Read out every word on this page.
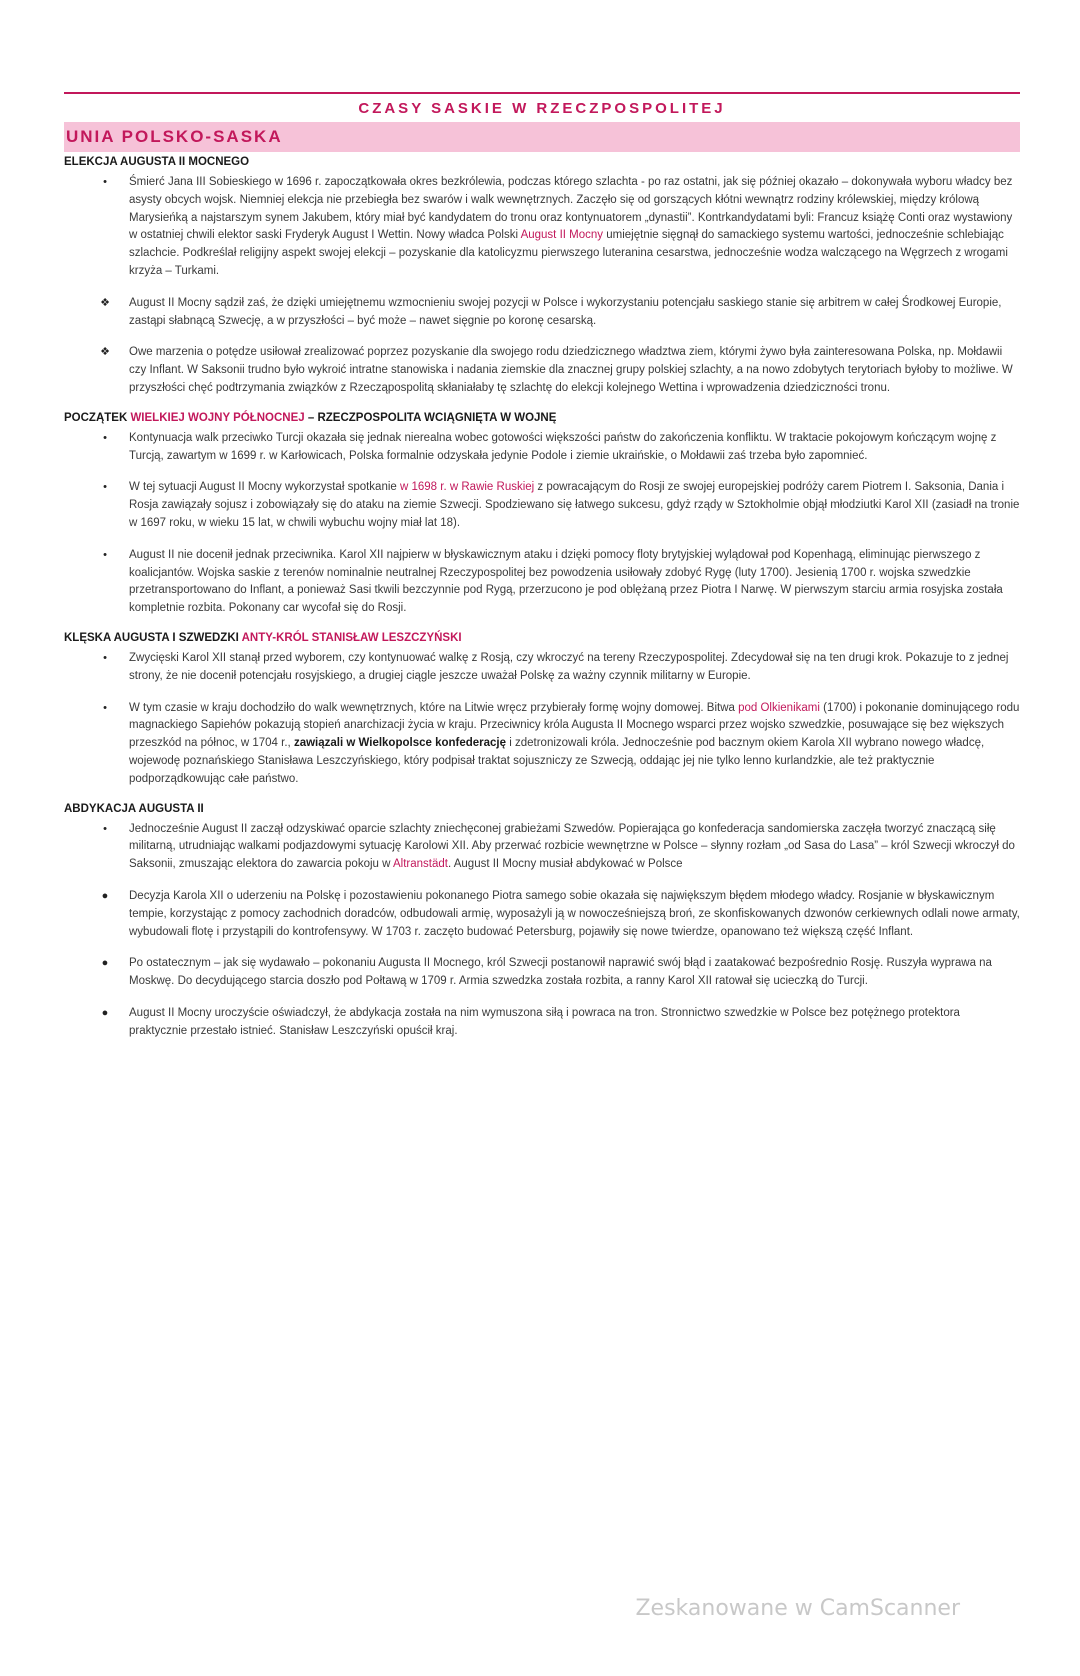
CZASY SASKIE W RZECZPOSPOLITEJ
UNIA POLSKO-SASKA
ELEKCJA AUGUSTA II MOCNEGO
•	Śmierć Jana III Sobieskiego w 1696 r. zapoczątkowała okres bezkrólewia, podczas którego szlachta - po raz ostatni, jak się później okazało – dokonywała wyboru władcy bez asysty obcych wojsk. Niemniej elekcja nie przebiegła bez swarów i walk wewnętrznych. Zaczęło się od gorszących kłótni wewnątrz rodziny królewskiej, między królową Marysieńką a najstarszym synem Jakubem, który miał być kandydatem do tronu oraz kontynuatorem „dynastii”. Kontrkandydatami byli: Francuz książę Conti oraz wystawiony w ostatniej chwili elektor saski Fryderyk August I Wettin. Nowy władca Polski August II Mocny umiejętnie sięgnął do samackiego systemu wartości, jednocześnie schlebiając szlachcie. Podkreślał religijny aspekt swojej elekcji – pozyskanie dla katolicyzmu pierwszego luteranina cesarstwa, jednocześnie wodza walczącego na Węgrzech z wrogami krzyża – Turkami.
❖ August II Mocny sądził zaś, że dzięki umiejętnemu wzmocnieniu swojej pozycji w Polsce i wykorzystaniu potencjału saskiego stanie się arbitrem w całej Środkowej Europie, zastąpi słabnącą Szwecję, a w przyszłości – być może – nawet sięgnie po koronę cesarską.
❖ Owe marzenia o potędze usiłował zrealizować poprzez pozyskanie dla swojego rodu dziedzicznego władztwa ziem, którymi żywo była zainteresowana Polska, np. Mołdawii czy Inflant. W Saksonii trudno było wykroić intratne stanowiska i nadania ziemskie dla znacznej grupy polskiej szlachty, a na nowo zdobytych terytoriach byłoby to możliwe. W przyszłości chęć podtrzymania związków z Rzecząpospolitą skłaniałaby tę szlachtę do elekcji kolejnego Wettina i wprowadzenia dziedziczności tronu.
POCZĄTEK WIELKIEJ WOJNY PÓŁNOCNEJ – RZECZPOSPOLITA WCIĄGNIĘTA W WOJNĘ
•	Kontynuacja walk przeciwko Turcji okazała się jednak nierealna wobec gotowości większości państw do zakończenia konfliktu. W traktacie pokojowym kończącym wojnę z Turcją, zawartym w 1699 r. w Karłowicach, Polska formalnie odzyskała jedynie Podole i ziemie ukraińskie, o Mołdawii zaś trzeba było zapomnieć.
•	W tej sytuacji August II Mocny wykorzystał spotkanie w 1698 r. w Rawie Ruskiej z powracającym do Rosji ze swojej europejskiej podróży carem Piotrem I. Saksonia, Dania i Rosja zawiązały sojusz i zobowiązały się do ataku na ziemie Szwecji. Spodziewano się łatwego sukcesu, gdyż rządy w Sztokholmie objął młodziutki Karol XII (zasiadł na tronie w 1697 roku, w wieku 15 lat, w chwili wybuchu wojny miał lat 18).
•	August II nie docenił jednak przeciwnika. Karol XII najpierw w błyskawicznym ataku i dzięki pomocy floty brytyjskiej wylądował pod Kopenhagą, eliminując pierwszego z koalicjantów. Wojska saskie z terenów nominalnie neutralnej Rzeczypospolitej bez powodzenia usiłowały zdobyć Rygę (luty 1700). Jesienią 1700 r. wojska szwedzkie przetransportowano do Inflant, a ponieważ Sasi tkwili bezczynnie pod Rygą, przerzucono je pod oblężaną przez Piotra I Narwę. W pierwszym starciu armia rosyjska została kompletnie rozbita. Pokonany car wycofał się do Rosji.
KLĘSKA AUGUSTA I SZWEDZKI ANTY-KRÓL STANISŁAW LESZCZYŃSKI
•	Zwycięski Karol XII stanął przed wyborem, czy kontynuować walkę z Rosją, czy wkroczyć na tereny Rzeczypospolitej. Zdecydował się na ten drugi krok. Pokazuje to z jednej strony, że nie docenił potencjału rosyjskiego, a drugiej ciągle jeszcze uważał Polskę za ważny czynnik militarny w Europie.
•	W tym czasie w kraju dochodziło do walk wewnętrznych, które na Litwie wręcz przybierały formę wojny domowej. Bitwa pod Olkienikami (1700) i pokonanie dominującego rodu magnackiego Sapiehów pokazują stopień anarchizacji życia w kraju. Przeciwnicy króla Augusta II Mocnego wsparci przez wojsko szwedzkie, posuwające się bez większych przeszkód na północ, w 1704 r., zawiązali w Wielkopolsce konfederację i zdetronizowali króla. Jednocześnie pod bacznym okiem Karola XII wybrano nowego władcę, wojewodę poznańskiego Stanisława Leszczyńskiego, który podpisał traktat sojuszniczy ze Szwecją, oddając jej nie tylko lenno kurlandzkie, ale też praktycznie podporządkowując całe państwo.
ABDYKACJA AUGUSTA II
•	Jednocześnie August II zaczął odzyskiwać oparcie szlachty zniechęconej grabieżami Szwedów. Popierająca go konfederacja sandomierska zaczęła tworzyć znaczącą siłę militarną, utrudniając walkami podjazdowymi sytuację Karolowi XII. Aby przerwać rozbicie wewnętrzne w Polsce – słynny rozłam „od Sasa do Lasa” – król Szwecji wkroczył do Saksonii, zmuszając elektora do zawarcia pokoju w Altranstädt. August II Mocny musiał abdykować w Polsce
●	Decyzja Karola XII o uderzeniu na Polskę i pozostawieniu pokonanego Piotra samego sobie okazała się największym błędem młodego władcy. Rosjanie w błyskawicznym tempie, korzystając z pomocy zachodnich doradców, odbudowali armię, wyposażyli ją w nowocześniejszą broń, ze skonfiskowanych dzwonów cerkiewnych odlali nowe armaty, wybudowali flotę i przystąpili do kontrofensywy. W 1703 r. zaczęto budować Petersburg, pojawiły się nowe twierdze, opanowano też większą część Inflant.
●	Po ostatecznym – jak się wydawało – pokonaniu Augusta II Mocnego, król Szwecji postanowił naprawić swój błąd i zaatakować bezpośrednio Rosję. Ruszyła wyprawa na Moskwę. Do decydującego starcia doszło pod Połtawą w 1709 r. Armia szwedzka została rozbita, a ranny Karol XII ratował się ucieczką do Turcji.
●	August II Mocny uroczyście oświadczył, że abdykacja została na nim wymuszona siłą i powraca na tron. Stronnictwo szwedzkie w Polsce bez potężnego protektora praktycznie przestało istnieć. Stanisław Leszczyński opuścił kraj.
Zeskanowane w CamScanner
